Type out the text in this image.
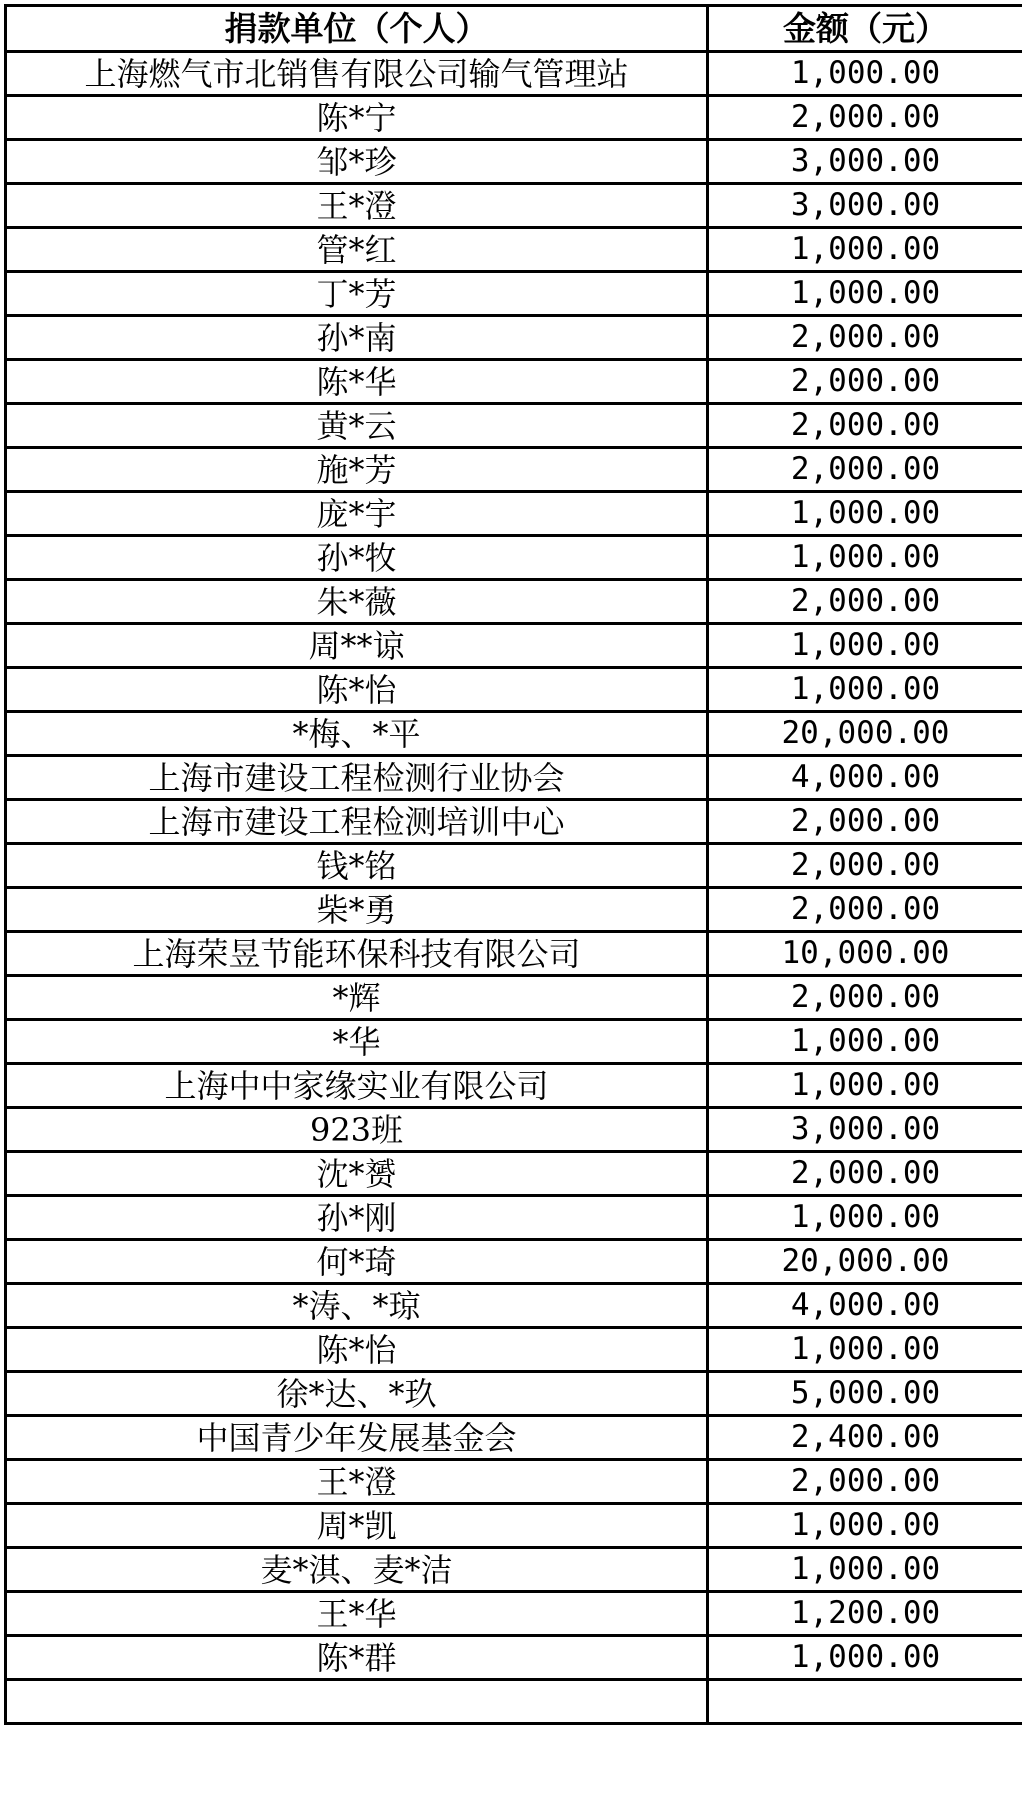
捐款单位（个人）	金额（元）
上海燃气市北销售有限公司输气管理站	1,000.00
陈*宁	2,000.00
邹*珍	3,000.00
王*澄	3,000.00
管*红	1,000.00
丁*芳	1,000.00
孙*南	2,000.00
陈*华	2,000.00
黄*云	2,000.00
施*芳	2,000.00
庞*宇	1,000.00
孙*牧	1,000.00
朱*薇	2,000.00
周**谅	1,000.00
陈*怡	1,000.00
*梅、*平	20,000.00
上海市建设工程检测行业协会	4,000.00
上海市建设工程检测培训中心	2,000.00
钱*铭	2,000.00
柴*勇	2,000.00
上海荣昱节能环保科技有限公司	10,000.00
*辉	2,000.00
*华	1,000.00
上海中中家缘实业有限公司	1,000.00
923班	3,000.00
沈*赟	2,000.00
孙*刚	1,000.00
何*琦	20,000.00
*涛、*琼	4,000.00
陈*怡	1,000.00
徐*达、*玖	5,000.00
中国青少年发展基金会	2,400.00
王*澄	2,000.00
周*凯	1,000.00
麦*淇、麦*洁	1,000.00
王*华	1,200.00
陈*群	1,000.00
